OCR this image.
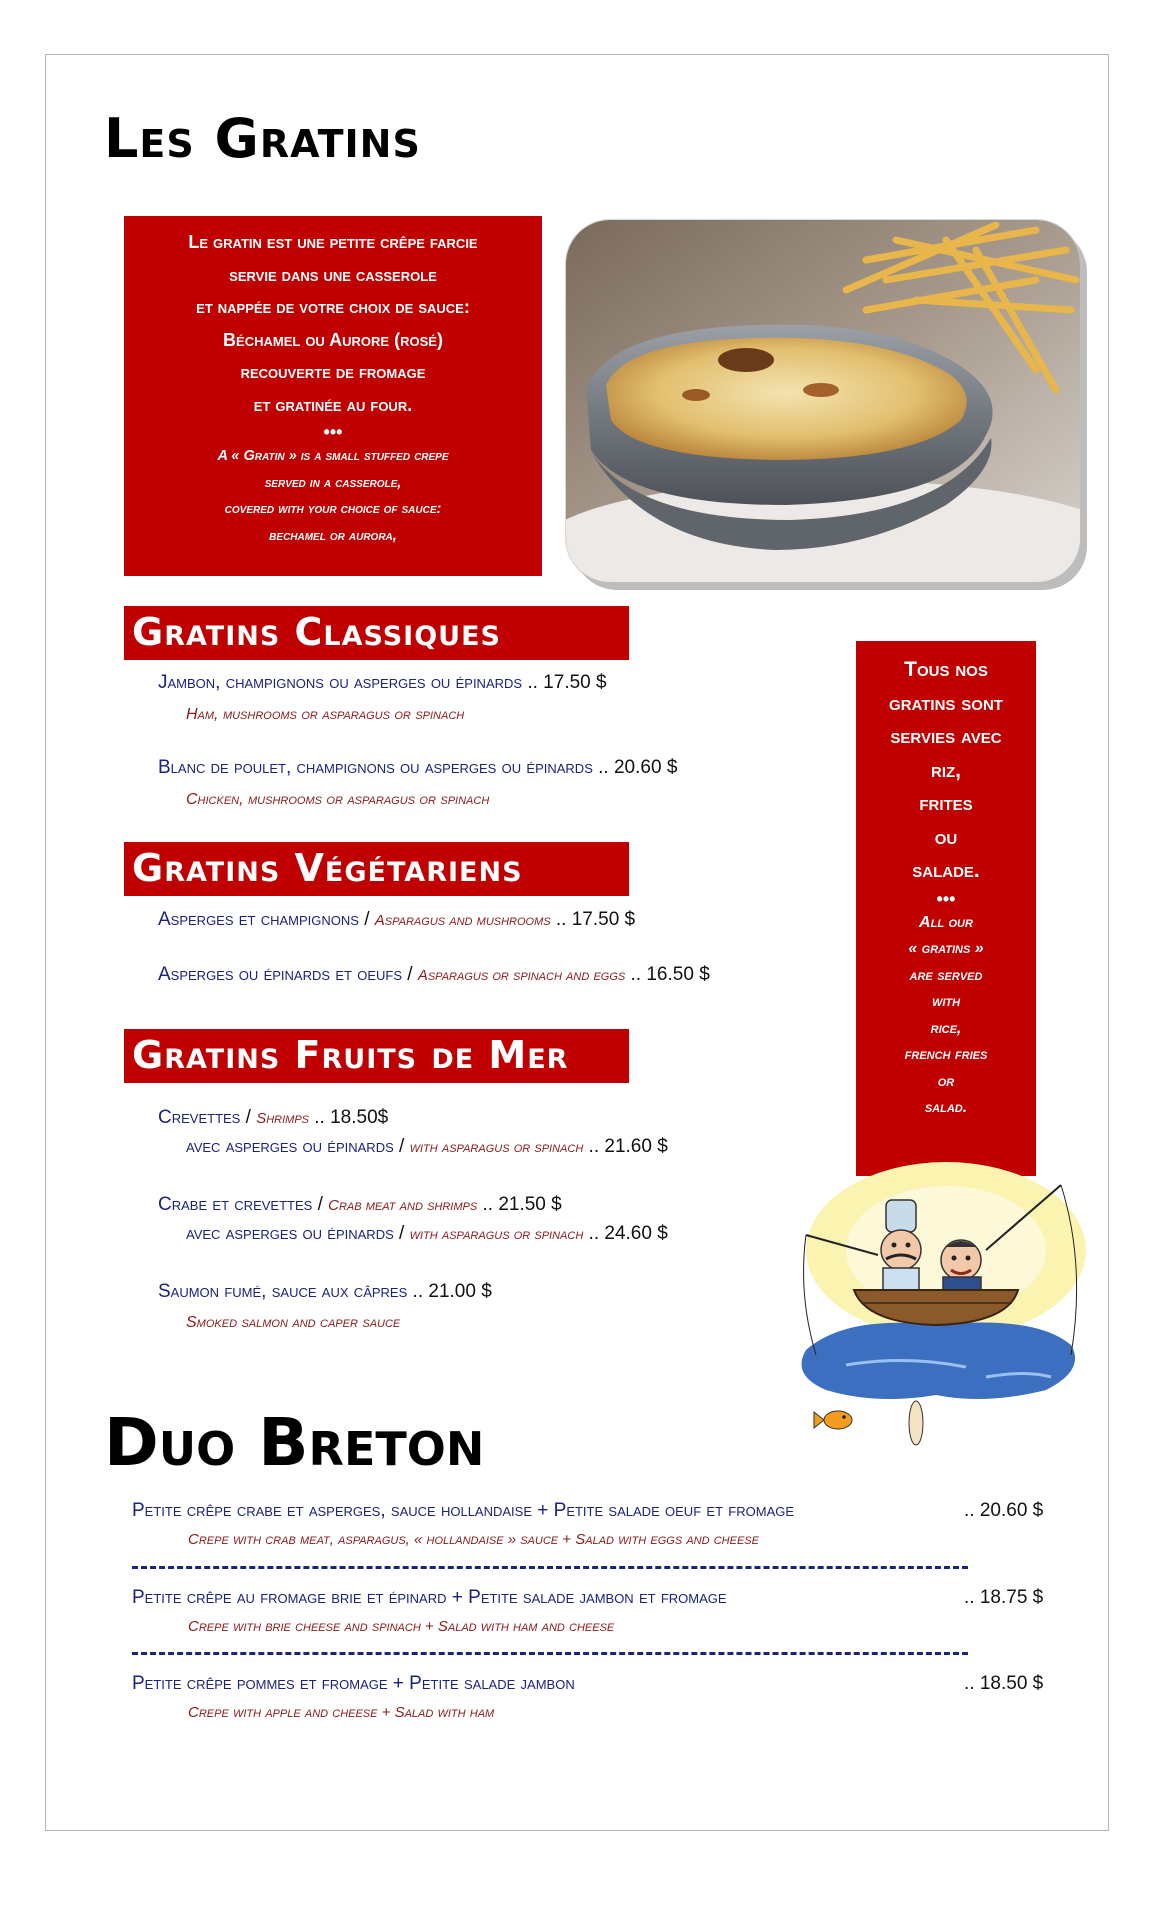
Les Gratins
Le gratin est une petite crêpe farcie
servie dans une casserole
et nappée de votre choix de sauce:
Béchamel ou Aurore (rosé)
recouverte de fromage
et gratinée au four.
•••
A « Gratin » is a small stuffed crepe
served in a casserole,
covered with your choice of sauce:
bechamel or aurora,
Gratins Classiques
Jambon, champignons ou asperges ou épinards .. 17.50 $
Ham, mushrooms or asparagus or spinach
Blanc de poulet, champignons ou asperges ou épinards .. 20.60 $
Chicken, mushrooms or asparagus or spinach
Gratins Végétariens
Asperges et champignons / Asparagus and mushrooms .. 17.50 $
Asperges ou épinards et oeufs / Asparagus or spinach and eggs .. 16.50 $
Gratins Fruits de Mer
Crevettes / Shrimps .. 18.50$
avec asperges ou épinards / with asparagus or spinach .. 21.60 $
Crabe et crevettes / Crab meat and shrimps .. 21.50 $
avec asperges ou épinards / with asparagus or spinach .. 24.60 $
Saumon fumé, sauce aux câpres .. 21.00 $
Smoked salmon and caper sauce
Tous nos
gratins sont
servies avec
riz,
frites
ou
salade.
•••
All our
« gratins »
are served
with
rice,
french fries
or
salad.
Duo Breton
Petite crêpe crabe et asperges, sauce hollandaise + Petite salade oeuf et fromage	.. 20.60 $
Crepe with crab meat, asparagus, « hollandaise » sauce + Salad with eggs and cheese
Petite crêpe au fromage brie et épinard + Petite salade jambon et fromage	.. 18.75 $
Crepe with brie cheese and spinach + Salad with ham and cheese
Petite crêpe pommes et fromage + Petite salade jambon	.. 18.50 $
Crepe with apple and cheese + Salad with ham
